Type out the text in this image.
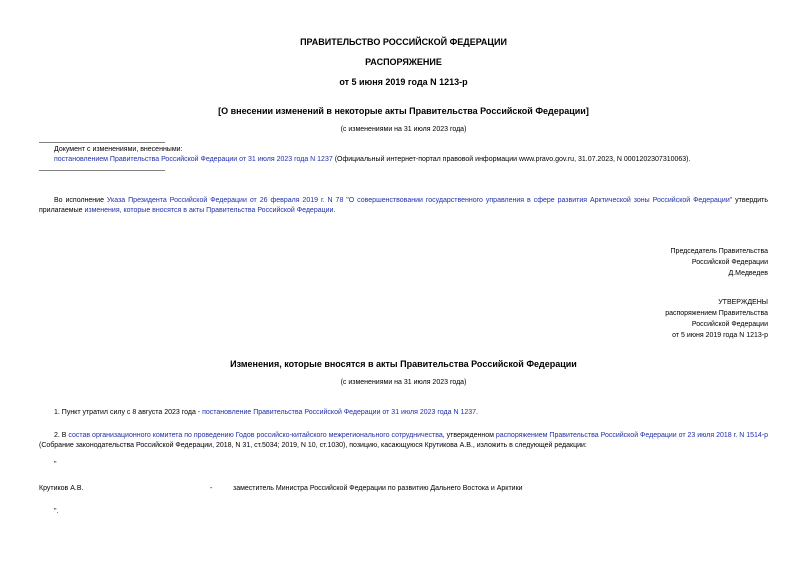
ПРАВИТЕЛЬСТВО РОССИЙСКОЙ ФЕДЕРАЦИИ
РАСПОРЯЖЕНИЕ
от 5 июня 2019 года N 1213-р
[О внесении изменений в некоторые акты Правительства Российской Федерации]
(с изменениями на 31 июля 2023 года)
Документ с изменениями, внесенными:
постановлением Правительства Российской Федерации от 31 июля 2023 года N 1237 (Официальный интернет-портал правовой информации www.pravo.gov.ru, 31.07.2023, N 0001202307310063).
Во исполнение Указа Президента Российской Федерации от 26 февраля 2019 г. N 78 "О совершенствовании государственного управления в сфере развития Арктической зоны Российской Федерации" утвердить прилагаемые изменения, которые вносятся в акты Правительства Российской Федерации.

Председатель Правительства

Российской Федерации

Д.Медведев

УТВЕРЖДЕНЫ

распоряжением Правительства

Российской Федерации

от 5 июня 2019 года N 1213-р

Изменения, которые вносятся в акты Правительства Российской Федерации
(с изменениями на 31 июля 2023 года)
1. Пункт утратил силу с 8 августа 2023 года - постановление Правительства Российской Федерации от 31 июля 2023 года N 1237.
2. В состав организационного комитета по проведению Годов российско-китайского межрегионального сотрудничества, утвержденном распоряжением Правительства Российской Федерации от 23 июля 2018 г. N 1514-р (Собрание законодательства Российской Федерации, 2018, N 31, ст.5034; 2019, N 10, ст.1030), позицию, касающуюся Крутикова А.В., изложить в следующей редакции:
"
Крутиков А.В.	-	заместитель Министра Российской Федерации по развитию Дальнего Востока и Арктики
".
